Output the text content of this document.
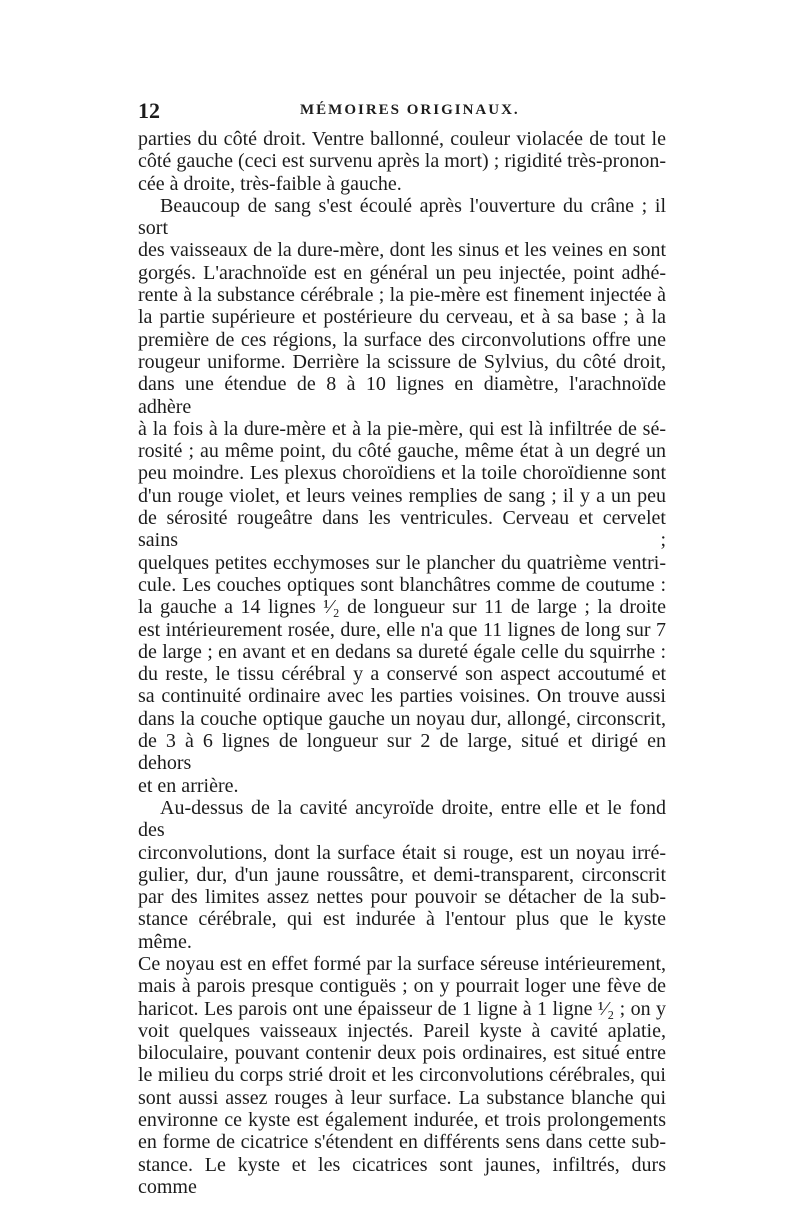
12	MÉMOIRES ORIGINAUX.

parties du côté droit. Ventre ballonné, couleur violacée de tout le

côté gauche (ceci est survenu après la mort) ; rigidité très-pronon-

cée à droite, très-faible à gauche.

Beaucoup de sang s'est écoulé après l'ouverture du crâne ; il sort

des vaisseaux de la dure-mère, dont les sinus et les veines en sont

gorgés. L'arachnoïde est en général un peu injectée, point adhé-

rente à la substance cérébrale ; la pie-mère est finement injectée à

la partie supérieure et postérieure du cerveau, et à sa base ; à la

première de ces régions, la surface des circonvolutions offre une

rougeur uniforme. Derrière la scissure de Sylvius, du côté droit,

dans une étendue de 8 à 10 lignes en diamètre, l'arachnoïde adhère

à la fois à la dure-mère et à la pie-mère, qui est là infiltrée de sé-

rosité ; au même point, du côté gauche, même état à un degré un

peu moindre. Les plexus choroïdiens et la toile choroïdienne sont

d'un rouge violet, et leurs veines remplies de sang ; il y a un peu

de sérosité rougeâtre dans les ventricules. Cerveau et cervelet sains ;

quelques petites ecchymoses sur le plancher du quatrième ventri-

cule. Les couches optiques sont blanchâtres comme de coutume :

la gauche a 14 lignes ¹⁄₂ de longueur sur 11 de large ; la droite

est intérieurement rosée, dure, elle n'a que 11 lignes de long sur 7

de large ; en avant et en dedans sa dureté égale celle du squirrhe :

du reste, le tissu cérébral y a conservé son aspect accoutumé et

sa continuité ordinaire avec les parties voisines. On trouve aussi

dans la couche optique gauche un noyau dur, allongé, circonscrit,

de 3 à 6 lignes de longueur sur 2 de large, situé et dirigé en dehors

et en arrière.

Au-dessus de la cavité ancyroïde droite, entre elle et le fond des

circonvolutions, dont la surface était si rouge, est un noyau irré-

gulier, dur, d'un jaune roussâtre, et demi-transparent, circonscrit

par des limites assez nettes pour pouvoir se détacher de la sub-

stance cérébrale, qui est indurée à l'entour plus que le kyste même.

Ce noyau est en effet formé par la surface séreuse intérieurement,

mais à parois presque contiguës ; on y pourrait loger une fève de

haricot. Les parois ont une épaisseur de 1 ligne à 1 ligne ¹⁄₂ ; on y

voit quelques vaisseaux injectés. Pareil kyste à cavité aplatie,

biloculaire, pouvant contenir deux pois ordinaires, est situé entre

le milieu du corps strié droit et les circonvolutions cérébrales, qui

sont aussi assez rouges à leur surface. La substance blanche qui

environne ce kyste est également indurée, et trois prolongements

en forme de cicatrice s'étendent en différents sens dans cette sub-

stance. Le kyste et les cicatrices sont jaunes, infiltrés, durs comme
